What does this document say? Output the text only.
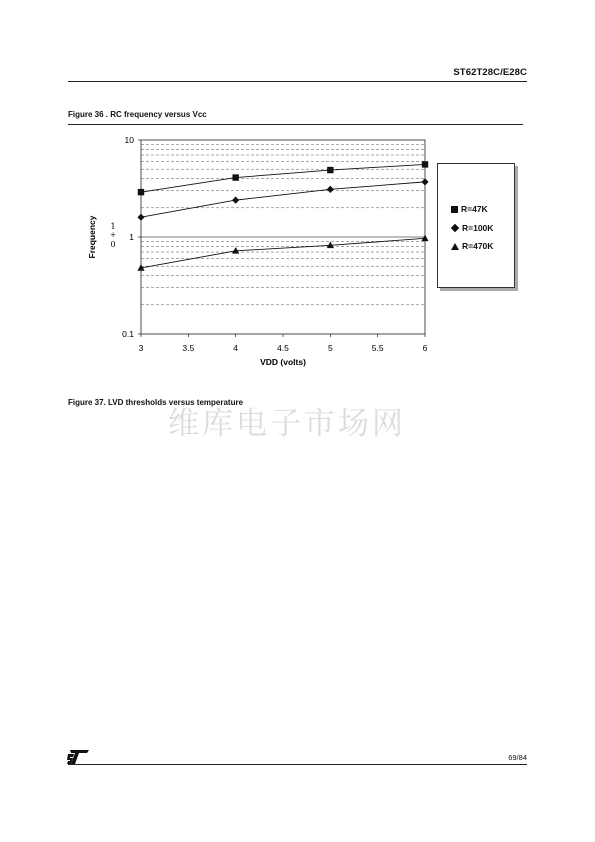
ST62T28C/E28C
Figure 36 . RC frequency versus Vcc
3	3.5	4	4.5	5	5.5	6
0.1
1
10
VDD (volts)
Frequency 1
+
0
R=47K
R=100K
R=470K
维库电子市场网
Figure 37. LVD thresholds versus temperature
69/84
